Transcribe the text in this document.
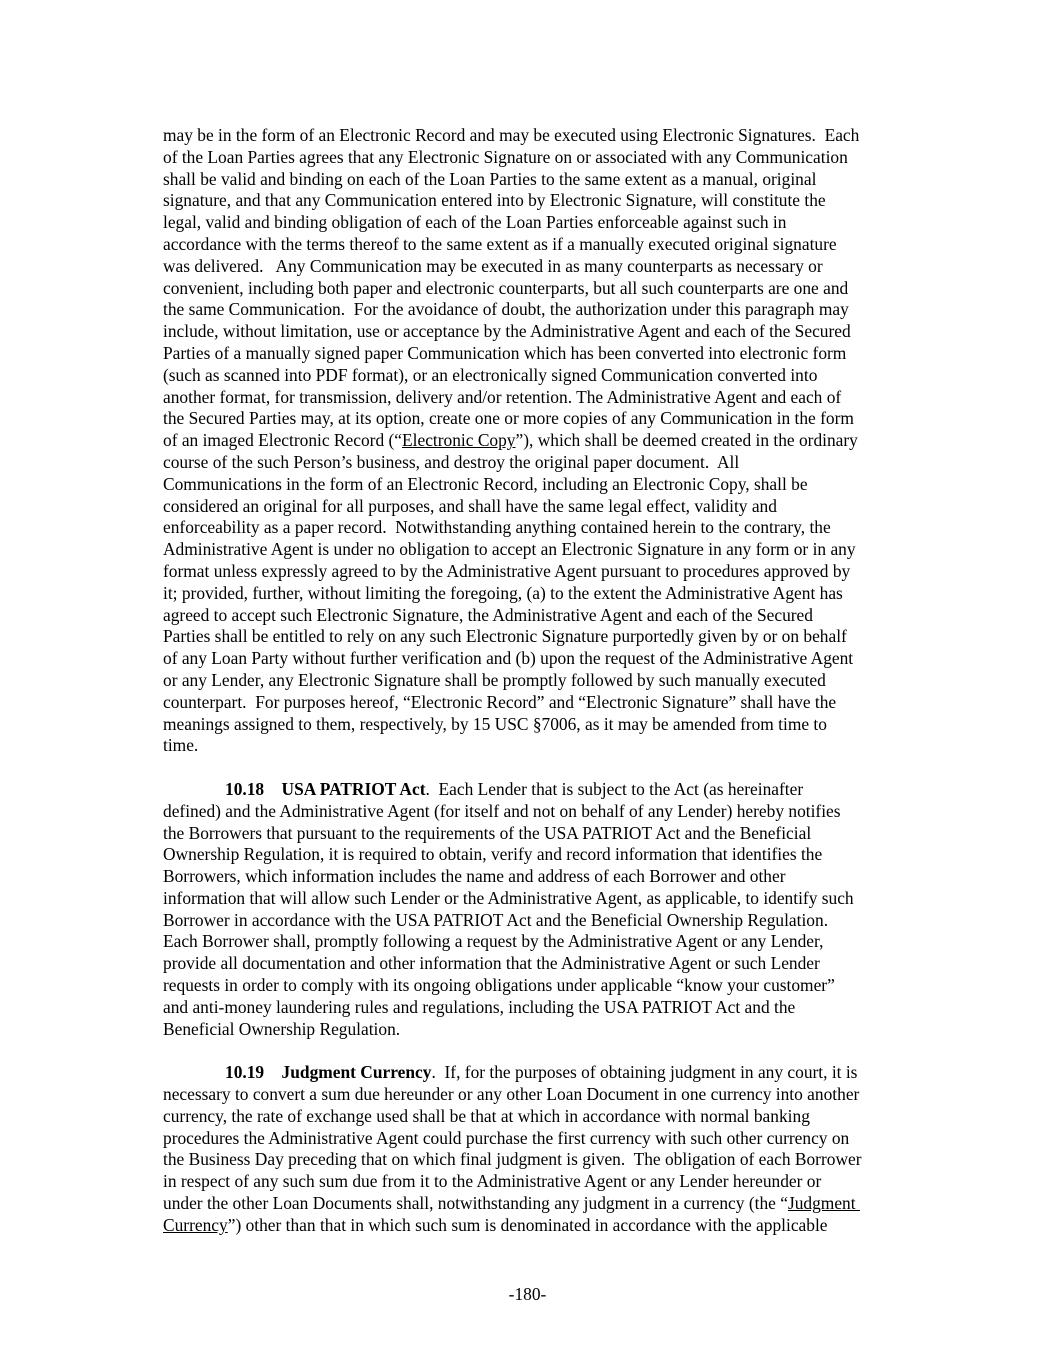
may be in the form of an Electronic Record and may be executed using Electronic Signatures.  Each
of the Loan Parties agrees that any Electronic Signature on or associated with any Communication
shall be valid and binding on each of the Loan Parties to the same extent as a manual, original
signature, and that any Communication entered into by Electronic Signature, will constitute the
legal, valid and binding obligation of each of the Loan Parties enforceable against such in
accordance with the terms thereof to the same extent as if a manually executed original signature
was delivered.   Any Communication may be executed in as many counterparts as necessary or
convenient, including both paper and electronic counterparts, but all such counterparts are one and
the same Communication.  For the avoidance of doubt, the authorization under this paragraph may
include, without limitation, use or acceptance by the Administrative Agent and each of the Secured
Parties of a manually signed paper Communication which has been converted into electronic form
(such as scanned into PDF format), or an electronically signed Communication converted into
another format, for transmission, delivery and/or retention. The Administrative Agent and each of
the Secured Parties may, at its option, create one or more copies of any Communication in the form
of an imaged Electronic Record (“Electronic Copy”), which shall be deemed created in the ordinary
course of the such Person’s business, and destroy the original paper document.  All
Communications in the form of an Electronic Record, including an Electronic Copy, shall be
considered an original for all purposes, and shall have the same legal effect, validity and
enforceability as a paper record.  Notwithstanding anything contained herein to the contrary, the
Administrative Agent is under no obligation to accept an Electronic Signature in any form or in any
format unless expressly agreed to by the Administrative Agent pursuant to procedures approved by
it; provided, further, without limiting the foregoing, (a) to the extent the Administrative Agent has
agreed to accept such Electronic Signature, the Administrative Agent and each of the Secured
Parties shall be entitled to rely on any such Electronic Signature purportedly given by or on behalf
of any Loan Party without further verification and (b) upon the request of the Administrative Agent
or any Lender, any Electronic Signature shall be promptly followed by such manually executed
counterpart.  For purposes hereof, “Electronic Record” and “Electronic Signature” shall have the
meanings assigned to them, respectively, by 15 USC §7006, as it may be amended from time to
time.
10.18 USA PATRIOT Act.  Each Lender that is subject to the Act (as hereinafter
defined) and the Administrative Agent (for itself and not on behalf of any Lender) hereby notifies
the Borrowers that pursuant to the requirements of the USA PATRIOT Act and the Beneficial
Ownership Regulation, it is required to obtain, verify and record information that identifies the
Borrowers, which information includes the name and address of each Borrower and other
information that will allow such Lender or the Administrative Agent, as applicable, to identify such
Borrower in accordance with the USA PATRIOT Act and the Beneficial Ownership Regulation.
Each Borrower shall, promptly following a request by the Administrative Agent or any Lender,
provide all documentation and other information that the Administrative Agent or such Lender
requests in order to comply with its ongoing obligations under applicable “know your customer”
and anti-money laundering rules and regulations, including the USA PATRIOT Act and the
Beneficial Ownership Regulation.
10.19 Judgment Currency.  If, for the purposes of obtaining judgment in any court, it is
necessary to convert a sum due hereunder or any other Loan Document in one currency into another
currency, the rate of exchange used shall be that at which in accordance with normal banking
procedures the Administrative Agent could purchase the first currency with such other currency on
the Business Day preceding that on which final judgment is given.  The obligation of each Borrower
in respect of any such sum due from it to the Administrative Agent or any Lender hereunder or
under the other Loan Documents shall, notwithstanding any judgment in a currency (the “Judgment
Currency”) other than that in which such sum is denominated in accordance with the applicable
-180-
